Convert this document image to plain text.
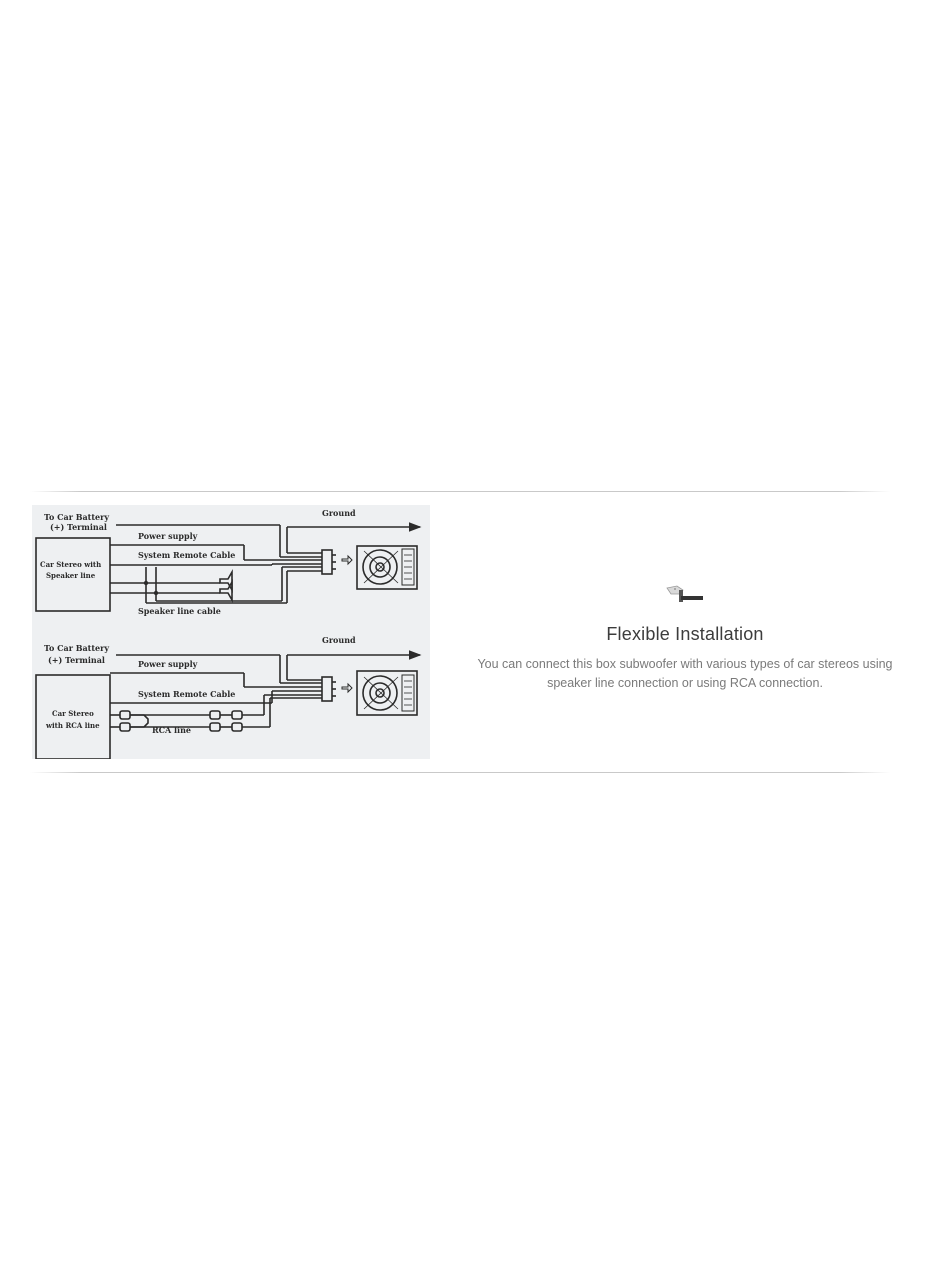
To Car Battery
(+) Terminal
Ground
Power supply
System Remote Cable
Car Stereo with
Speaker line
Speaker line cable
To Car Battery
(+) Terminal
Ground
Power supply
System Remote Cable
Car Stereo
with RCA line	RCA line
Flexible Installation
You can connect this box subwoofer with various types of car stereos using speaker line connection or using RCA connection.
